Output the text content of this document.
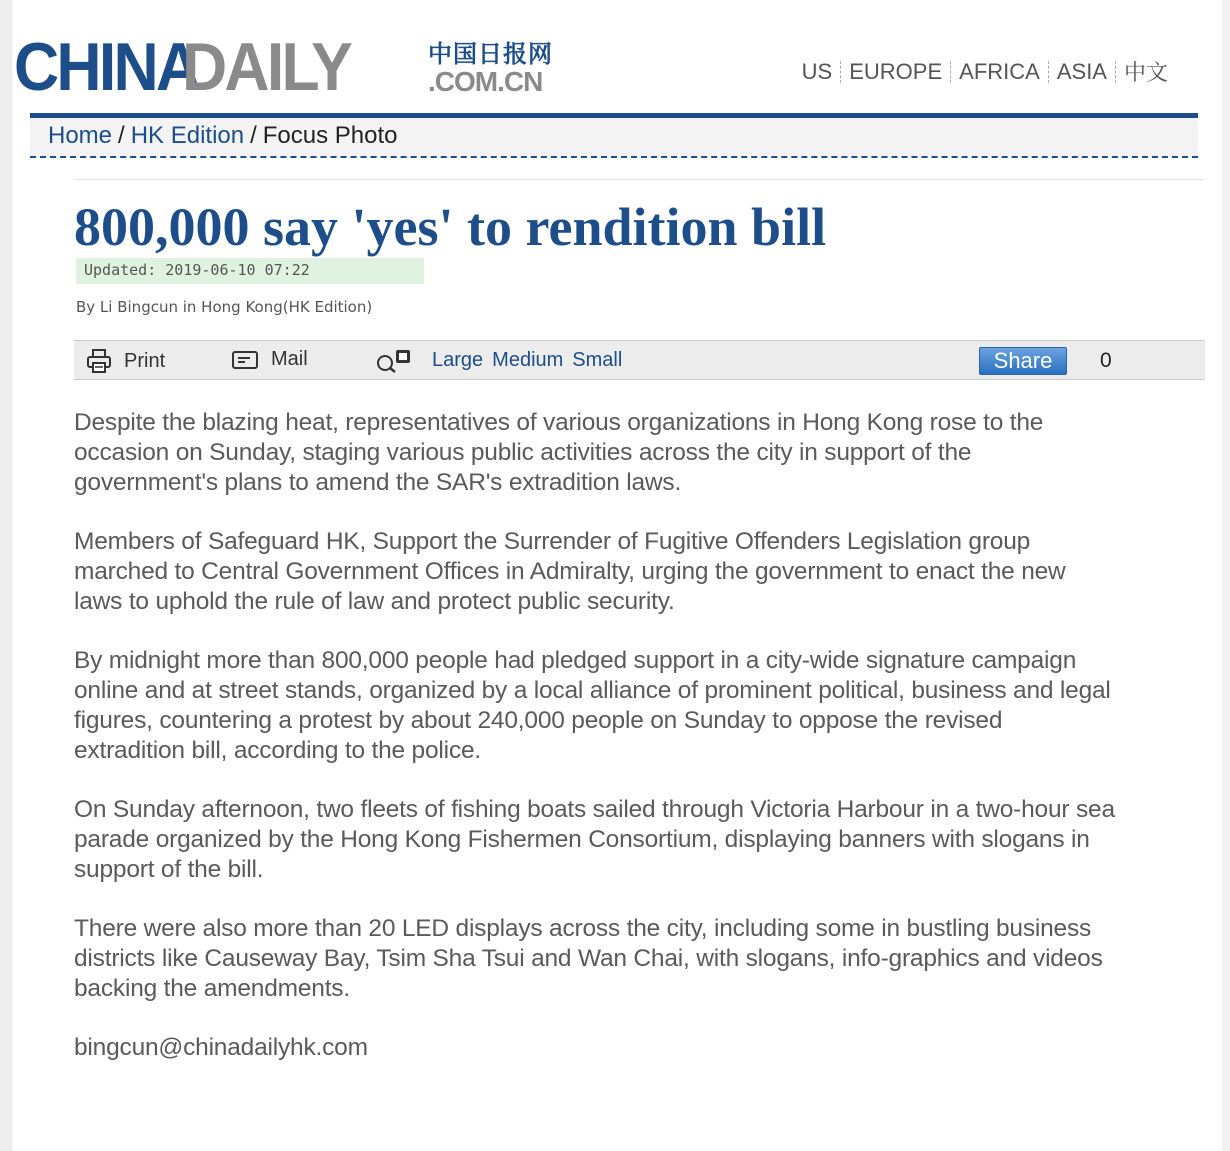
CHINA
DAILY	中国日报网
.COM.CN	US EUROPE AFRICA ASIA 中文
Home / HK Edition / Focus Photo
800,000 say 'yes' to rendition bill
Updated: 2019-06-10 07:22
By Li Bingcun in Hong Kong(HK Edition)
Print	Mail	Large Medium Small	Share	0

Despite the blazing heat, representatives of various organizations in Hong Kong rose to the
occasion on Sunday, staging various public activities across the city in support of the
government's plans to amend the SAR's extradition laws.

Members of Safeguard HK, Support the Surrender of Fugitive Offenders Legislation group
marched to Central Government Offices in Admiralty, urging the government to enact the new
laws to uphold the rule of law and protect public security.

By midnight more than 800,000 people had pledged support in a city-wide signature campaign
online and at street stands, organized by a local alliance of prominent political, business and legal
figures, countering a protest by about 240,000 people on Sunday to oppose the revised
extradition bill, according to the police.

On Sunday afternoon, two fleets of fishing boats sailed through Victoria Harbour in a two-hour sea
parade organized by the Hong Kong Fishermen Consortium, displaying banners with slogans in
support of the bill.

There were also more than 20 LED displays across the city, including some in bustling business
districts like Causeway Bay, Tsim Sha Tsui and Wan Chai, with slogans, info-graphics and videos
backing the amendments.

bingcun@chinadailyhk.com
